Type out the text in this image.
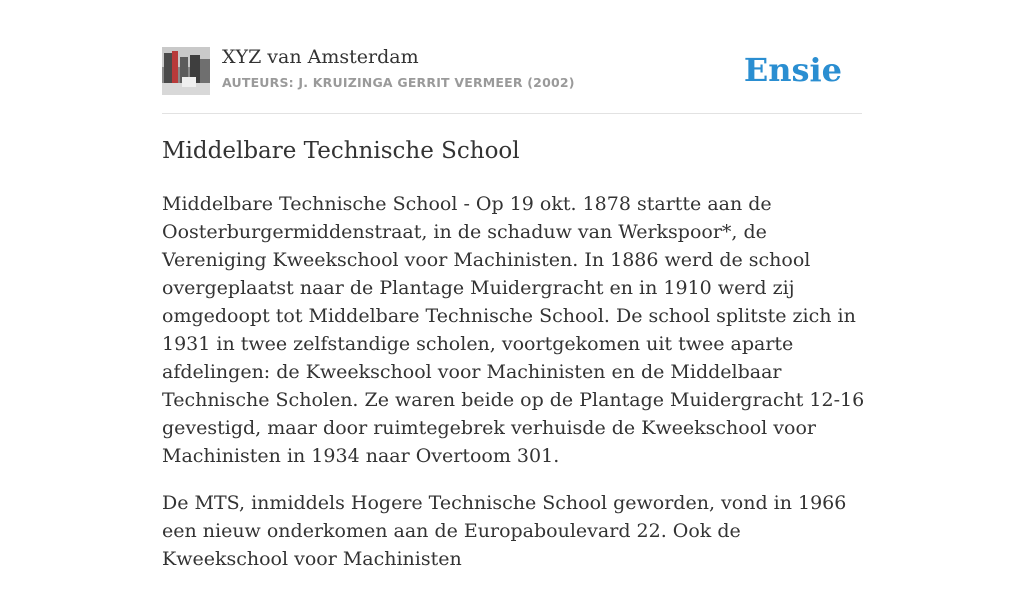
XYZ van Amsterdam
AUTEURS: J. KRUIZINGA GERRIT VERMEER (2002)	Ensie
Middelbare Technische School

Middelbare Technische School - Op 19 okt. 1878 startte aan de Oosterburgermiddenstraat, in de schaduw van Werkspoor*, de Vereniging Kweekschool voor Machinisten. In 1886 werd de school overgeplaatst naar de Plantage Muidergracht en in 1910 werd zij omgedoopt tot Middelbare Technische School. De school splitste zich in 1931 in twee zelfstandige scholen, voortgekomen uit twee aparte afdelingen: de Kweekschool voor Machinisten en de Middelbaar Technische Scholen. Ze waren beide op de Plantage Muidergracht 12-16 gevestigd, maar door ruimtegebrek verhuisde de Kweekschool voor Machinisten in 1934 naar Overtoom 301.

De MTS, inmiddels Hogere Technische School geworden, vond in 1966 een nieuw onderkomen aan de Europaboulevard 22. Ook de Kweekschool voor Machinisten
